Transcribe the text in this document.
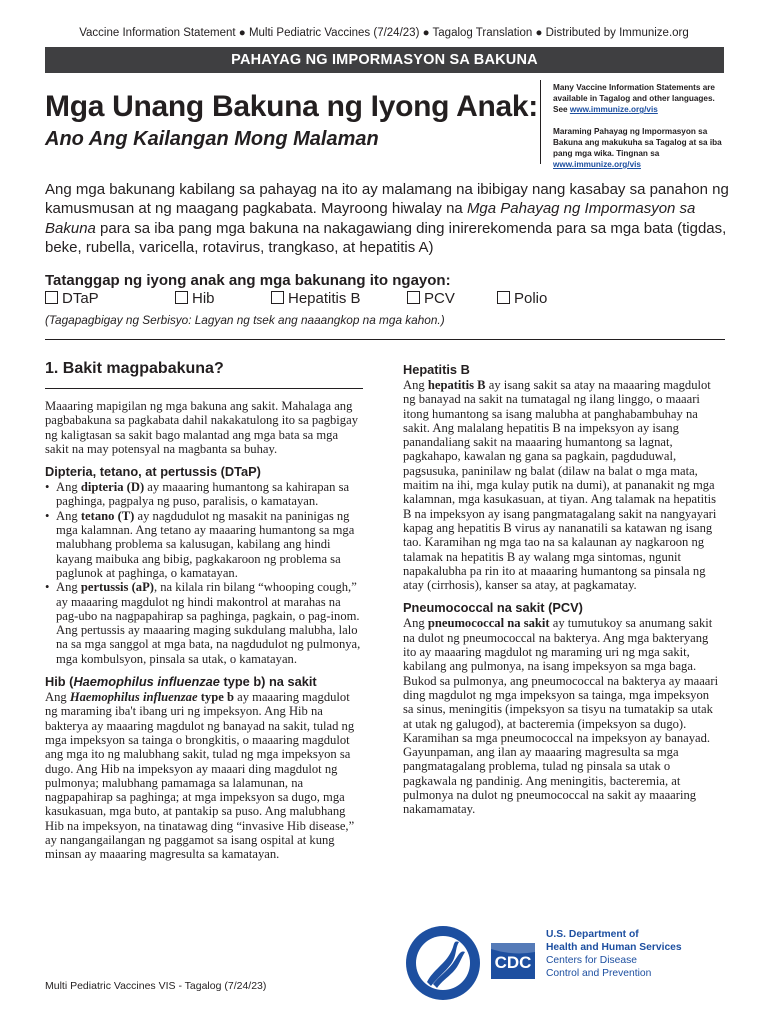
Vaccine Information Statement ● Multi Pediatric Vaccines (7/24/23) ● Tagalog Translation ● Distributed by Immunize.org
PAHAYAG NG IMPORMASYON SA BAKUNA
Mga Unang Bakuna ng Iyong Anak:
Ano Ang Kailangan Mong Malaman
Many Vaccine Information Statements are available in Tagalog and other languages. See www.immunize.org/vis
Maraming Pahayag ng Impormasyon sa Bakuna ang makukuha sa Tagalog at sa iba pang mga wika. Tingnan sa www.immunize.org/vis
Ang mga bakunang kabilang sa pahayag na ito ay malamang na ibibigay nang kasabay sa panahon ng kamusmusan at ng maagang pagkabata. Mayroong hiwalay na Mga Pahayag ng Impormasyon sa Bakuna para sa iba pang mga bakuna na nakagawiang ding inirerekomenda para sa mga bata (tigdas, beke, rubella, varicella, rotavirus, trangkaso, at hepatitis A)
Tatanggap ng iyong anak ang mga bakunang ito ngayon:
DTaP	Hib	Hepatitis B	PCV	Polio
(Tagapagbigay ng Serbisyo: Lagyan ng tsek ang naaangkop na mga kahon.)
1. Bakit magpabakuna?

Maaaring mapigilan ng mga bakuna ang sakit. Mahalaga ang pagbabakuna sa pagkabata dahil nakakatulong ito sa pagbigay ng kaligtasan sa sakit bago malantad ang mga bata sa mga sakit na may potensyal na magbanta sa buhay.

Dipteria, tetano, at pertussis (DTaP)
• Ang dipteria (D) ay maaaring humantong sa kahirapan sa paghinga, pagpalya ng puso, paralisis, o kamatayan.
• Ang tetano (T) ay nagdudulot ng masakit na paninigas ng mga kalamnan. Ang tetano ay maaaring humantong sa mga malubhang problema sa kalusugan, kabilang ang hindi kayang maibuka ang bibig, pagkakaroon ng problema sa paglunok at paghinga, o kamatayan.
• Ang pertussis (aP), na kilala rin bilang “whooping cough,” ay maaaring magdulot ng hindi makontrol at marahas na pag-ubo na nagpapahirap sa paghinga, pagkain, o pag-inom. Ang pertussis ay maaaring maging sukdulang malubha, lalo na sa mga sanggol at mga bata, na nagdudulot ng pulmonya, mga kombulsyon, pinsala sa utak, o kamatayan.
Hib (Haemophilus influenzae type b) na sakit

Ang Haemophilus influenzae type b ay maaaring magdulot ng maraming iba't ibang uri ng impeksyon. Ang Hib na bakterya ay maaaring magdulot ng banayad na sakit, tulad ng mga impeksyon sa tainga o brongkitis, o maaaring magdulot ang mga ito ng malubhang sakit, tulad ng mga impeksyon sa dugo. Ang Hib na impeksyon ay maaari ding magdulot ng pulmonya; malubhang pamamaga sa lalamunan, na nagpapahirap sa paghinga; at mga impeksyon sa dugo, mga kasukasuan, mga buto, at pantakip sa puso. Ang malubhang Hib na impeksyon, na tinatawag ding “invasive Hib disease,” ay nangangailangan ng paggamot sa isang ospital at kung minsan ay maaaring magresulta sa kamatayan.

Hepatitis B

Ang hepatitis B ay isang sakit sa atay na maaaring magdulot ng banayad na sakit na tumatagal ng ilang linggo, o maaari itong humantong sa isang malubha at panghabambuhay na sakit. Ang malalang hepatitis B na impeksyon ay isang panandaliang sakit na maaaring humantong sa lagnat, pagkahapo, kawalan ng gana sa pagkain, pagduduwal, pagsusuka, paninilaw ng balat (dilaw na balat o mga mata, maitim na ihi, mga kulay putik na dumi), at pananakit ng mga kalamnan, mga kasukasuan, at tiyan. Ang talamak na hepatitis B na impeksyon ay isang pangmatagalang sakit na nangyayari kapag ang hepatitis B virus ay nananatili sa katawan ng isang tao. Karamihan ng mga tao na sa kalaunan ay nagkaroon ng talamak na hepatitis B ay walang mga sintomas, ngunit napakalubha pa rin ito at maaaring humantong sa pinsala ng atay (cirrhosis), kanser sa atay, at pagkamatay.

Pneumococcal na sakit (PCV)

Ang pneumococcal na sakit ay tumutukoy sa anumang sakit na dulot ng pneumococcal na bakterya. Ang mga bakteryang ito ay maaaring magdulot ng maraming uri ng mga sakit, kabilang ang pulmonya, na isang impeksyon sa mga baga. Bukod sa pulmonya, ang pneumococcal na bakterya ay maaari ding magdulot ng mga impeksyon sa tainga, mga impeksyon sa sinus, meningitis (impeksyon sa tisyu na tumatakip sa utak at utak ng galugod), at bacteremia (impeksyon sa dugo). Karamihan sa mga pneumococcal na impeksyon ay banayad. Gayunpaman, ang ilan ay maaaring magresulta sa mga pangmatagalang problema, tulad ng pinsala sa utak o pagkawala ng pandinig. Ang meningitis, bacteremia, at pulmonya na dulot ng pneumococcal na sakit ay maaaring nakamamatay.

CDC
U.S. Department of
Health and Human Services
Centers for Disease
Control and Prevention
Multi Pediatric Vaccines VIS - Tagalog (7/24/23)
